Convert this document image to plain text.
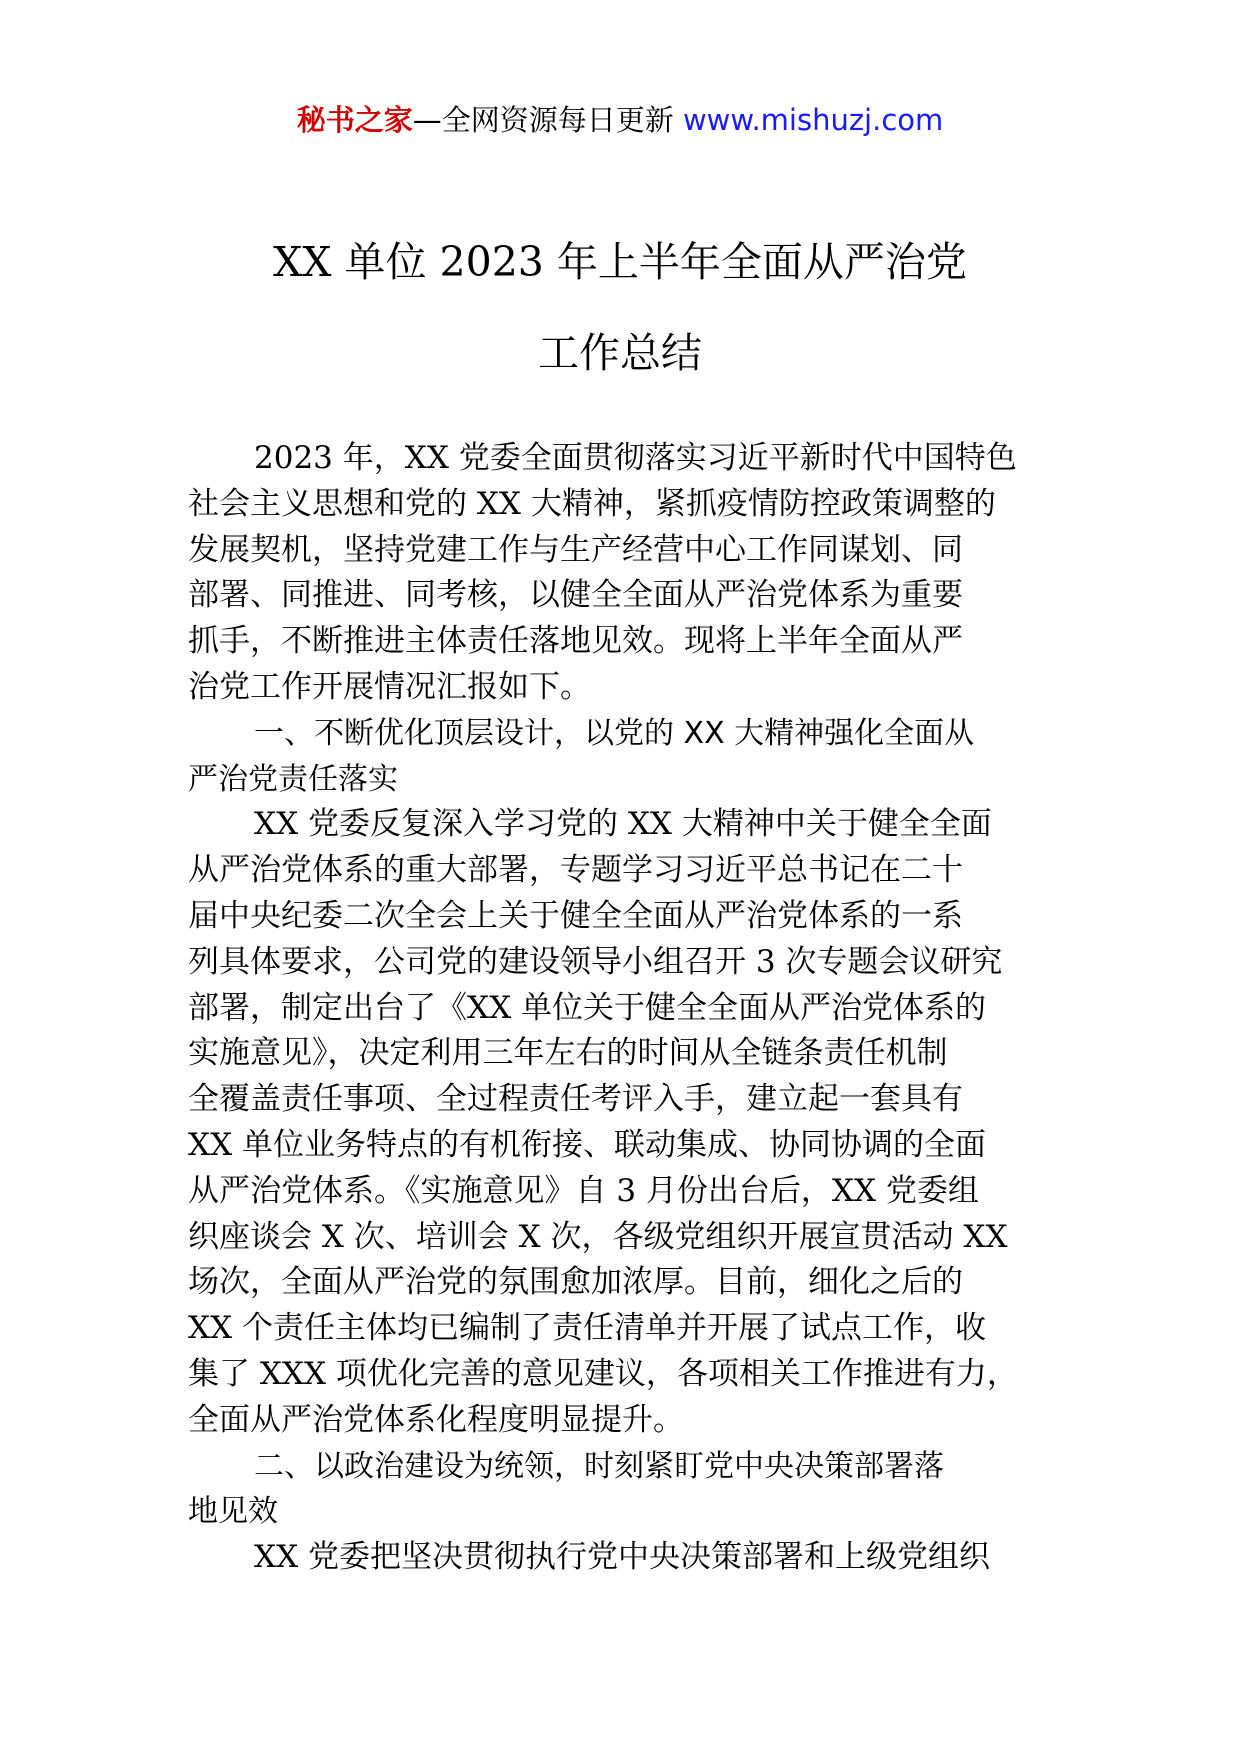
秘书之家—全网资源每日更新 www.mishuzj.com
XX 单位 2023 年上半年全面从严治党
工作总结
2023 年，XX 党委全面贯彻落实习近平新时代中国特色
社会主义思想和党的 XX 大精神，紧抓疫情防控政策调整的
发展契机，坚持党建工作与生产经营中心工作同谋划、同
部署、同推进、同考核，以健全全面从严治党体系为重要
抓手，不断推进主体责任落地见效。现将上半年全面从严
治党工作开展情况汇报如下。
一、不断优化顶层设计，以党的 XX 大精神强化全面从
严治党责任落实
XX 党委反复深入学习党的 XX 大精神中关于健全全面
从严治党体系的重大部署，专题学习习近平总书记在二十
届中央纪委二次全会上关于健全全面从严治党体系的一系
列具体要求，公司党的建设领导小组召开 3 次专题会议研究
部署，制定出台了《XX 单位关于健全全面从严治党体系的
实施意见》，决定利用三年左右的时间从全链条责任机制
全覆盖责任事项、全过程责任考评入手，建立起一套具有
XX 单位业务特点的有机衔接、联动集成、协同协调的全面
从严治党体系。《实施意见》自 3 月份出台后，XX 党委组
织座谈会 X 次、培训会 X 次，各级党组织开展宣贯活动 XX
场次，全面从严治党的氛围愈加浓厚。目前，细化之后的
XX 个责任主体均已编制了责任清单并开展了试点工作，收
集了 XXX 项优化完善的意见建议，各项相关工作推进有力，
全面从严治党体系化程度明显提升。
二、以政治建设为统领，时刻紧盯党中央决策部署落
地见效
XX 党委把坚决贯彻执行党中央决策部署和上级党组织
